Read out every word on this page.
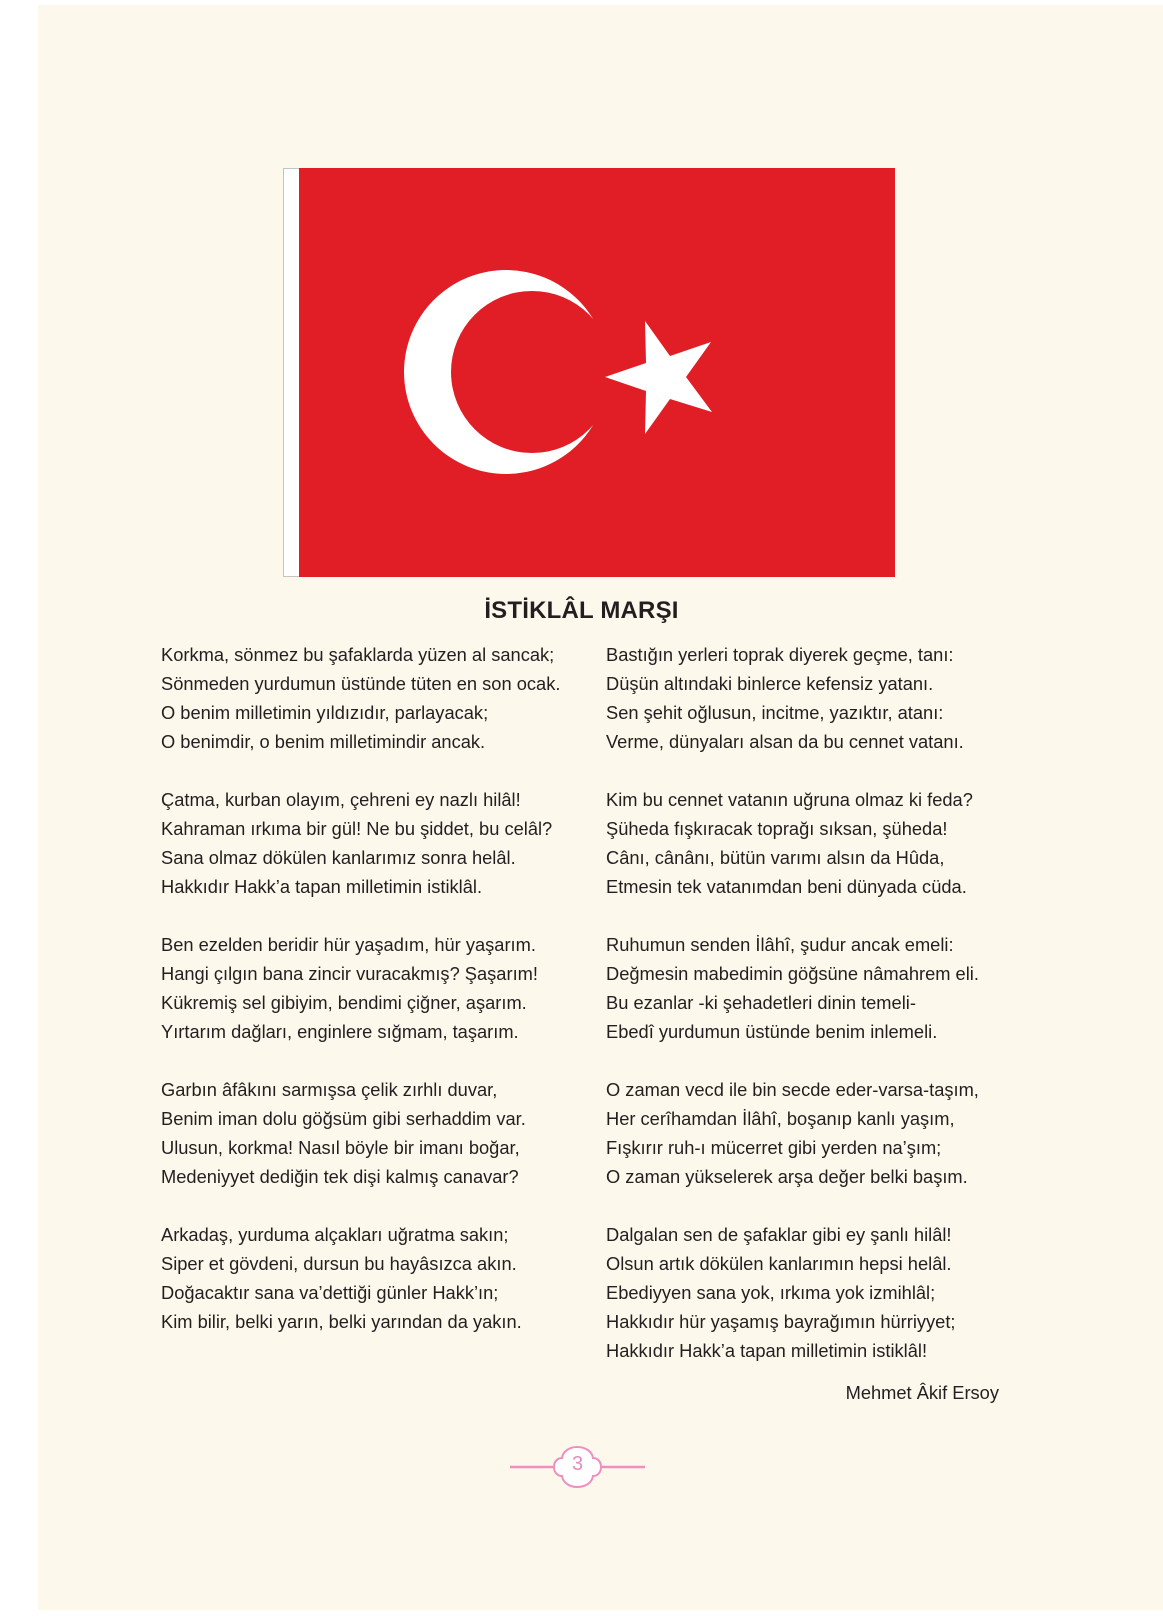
İSTİKLÂL MARŞI
Korkma, sönmez bu şafaklarda yüzen al sancak;
Sönmeden yurdumun üstünde tüten en son ocak.
O benim milletimin yıldızıdır, parlayacak;
O benimdir, o benim milletimindir ancak.
Çatma, kurban olayım, çehreni ey nazlı hilâl!
Kahraman ırkıma bir gül! Ne bu şiddet, bu celâl?
Sana olmaz dökülen kanlarımız sonra helâl.
Hakkıdır Hakk’a tapan milletimin istiklâl.
Ben ezelden beridir hür yaşadım, hür yaşarım.
Hangi çılgın bana zincir vuracakmış? Şaşarım!
Kükremiş sel gibiyim, bendimi çiğner, aşarım.
Yırtarım dağları, enginlere sığmam, taşarım.
Garbın âfâkını sarmışsa çelik zırhlı duvar,
Benim iman dolu göğsüm gibi serhaddim var.
Ulusun, korkma! Nasıl böyle bir imanı boğar,
Medeniyyet dediğin tek dişi kalmış canavar?
Arkadaş, yurduma alçakları uğratma sakın;
Siper et gövdeni, dursun bu hayâsızca akın.
Doğacaktır sana va’dettiği günler Hakk’ın;
Kim bilir, belki yarın, belki yarından da yakın.
Bastığın yerleri toprak diyerek geçme, tanı:
Düşün altındaki binlerce kefensiz yatanı.
Sen şehit oğlusun, incitme, yazıktır, atanı:
Verme, dünyaları alsan da bu cennet vatanı.
Kim bu cennet vatanın uğruna olmaz ki feda?
Şüheda fışkıracak toprağı sıksan, şüheda!
Cânı, cânânı, bütün varımı alsın da Hûda,
Etmesin tek vatanımdan beni dünyada cüda.
Ruhumun senden İlâhî, şudur ancak emeli:
Değmesin mabedimin göğsüne nâmahrem eli.
Bu ezanlar -ki şehadetleri dinin temeli-
Ebedî yurdumun üstünde benim inlemeli.
O zaman vecd ile bin secde eder-varsa-taşım,
Her cerîhamdan İlâhî, boşanıp kanlı yaşım,
Fışkırır ruh-ı mücerret gibi yerden na’şım;
O zaman yükselerek arşa değer belki başım.
Dalgalan sen de şafaklar gibi ey şanlı hilâl!
Olsun artık dökülen kanlarımın hepsi helâl.
Ebediyyen sana yok, ırkıma yok izmihlâl;
Hakkıdır hür yaşamış bayrağımın hürriyyet;
Hakkıdır Hakk’a tapan milletimin istiklâl!
Mehmet Âkif Ersoy
3
